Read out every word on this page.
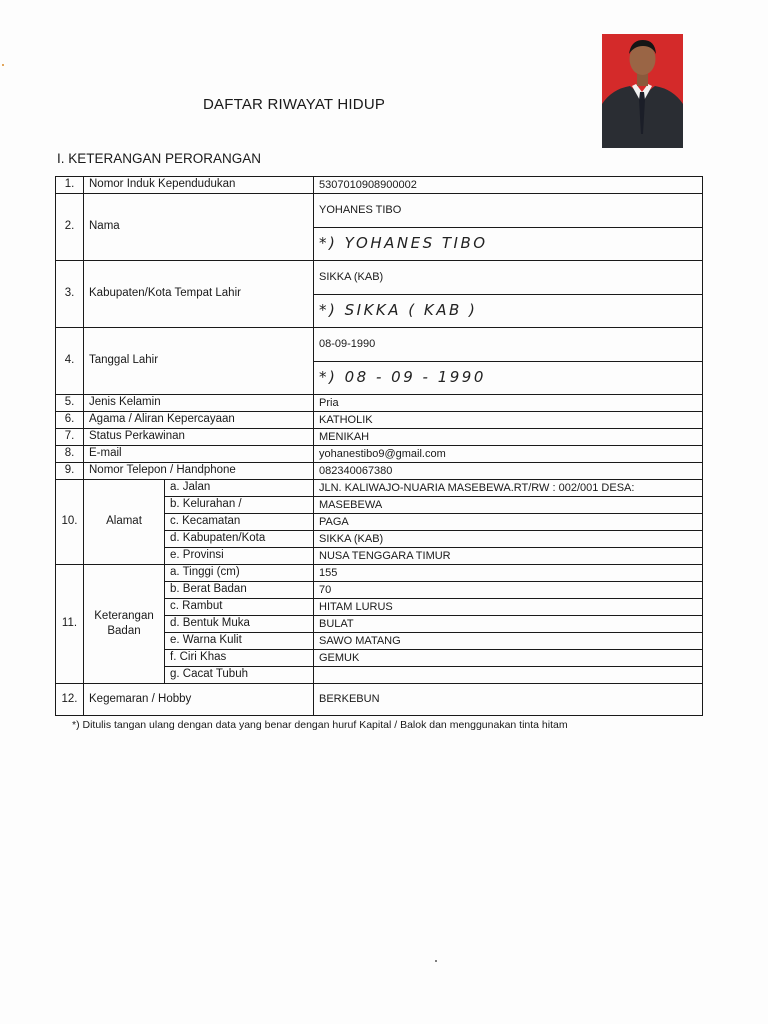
DAFTAR RIWAYAT HIDUP
I. KETERANGAN PERORANGAN
1.	Nomor Induk Kependudukan		5307010908900002
2.	Nama		YOHANES TIBO
			*) YOHANES TIBO
3.	Kabupaten/Kota Tempat Lahir		SIKKA (KAB)
			*) SIKKA ( KAB )
4.	Tanggal Lahir		08-09-1990
			*) 08 - 09 - 1990
5.	Jenis Kelamin		Pria
6.	Agama / Aliran Kepercayaan		KATHOLIK
7.	Status Perkawinan		MENIKAH
8.	E-mail		yohanestibo9@gmail.com
9.	Nomor Telepon / Handphone		082340067380
10.	Alamat	a. Jalan	JLN. KALIWAJO-NUARIA MASEBEWA.RT/RW : 002/001 DESA:
		b. Kelurahan /	MASEBEWA
		c. Kecamatan	PAGA
		d. Kabupaten/Kota	SIKKA (KAB)
		e. Provinsi	NUSA TENGGARA TIMUR
11.	Keterangan
Badan	a. Tinggi (cm)	155
		b. Berat Badan	70
		c. Rambut	HITAM LURUS
		d. Bentuk Muka	BULAT
		e. Warna Kulit	SAWO MATANG
		f. Ciri Khas	GEMUK
		g. Cacat Tubuh	
12.	Kegemaran / Hobby		BERKEBUN
*) Ditulis tangan ulang dengan data yang benar dengan huruf Kapital / Balok dan menggunakan tinta hitam
